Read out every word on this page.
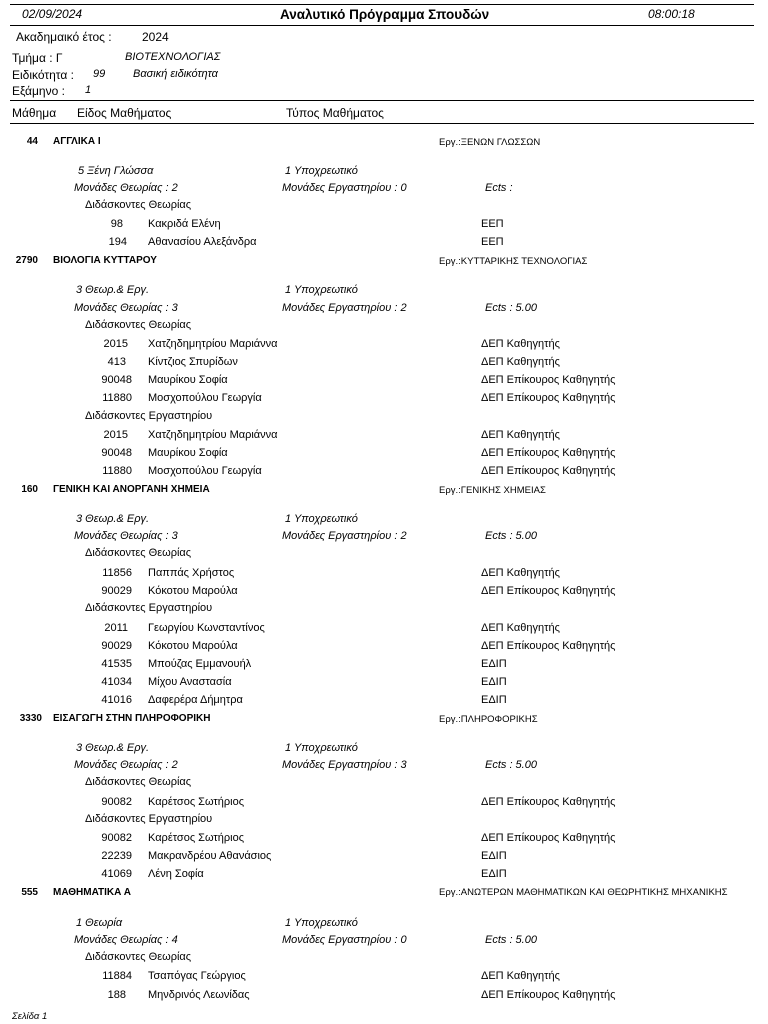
02/09/2024	Αναλυτικό Πρόγραμμα Σπουδών	08:00:18
Ακαδημαικό έτος :	2024
Τμήμα : Γ	ΒΙΟΤΕΧΝΟΛΟΓΙΑΣ
Ειδικότητα : 99	Βασική ειδικότητα
Εξάμηνο : 1
Μάθημα Είδος Μαθήματος	Τύπος Μαθήματος
44 ΑΓΓΛΙΚΑ Ι	Εργ.:ΞΕΝΩΝ ΓΛΩΣΣΩΝ
5 Ξένη Γλώσσα	1 Υποχρεωτικό
Μονάδες Θεωρίας : 2	Μονάδες Εργαστηρίου : 0	Ects :
Διδάσκοντες Θεωρίας
98 Κακριδά Ελένη	ΕΕΠ
194 Αθανασίου Αλεξάνδρα	ΕΕΠ
2790 ΒΙΟΛΟΓΙΑ ΚΥΤΤΑΡΟΥ	Εργ.:ΚΥΤΤΑΡΙΚΗΣ ΤΕΧΝΟΛΟΓΙΑΣ
3 Θεωρ.& Εργ.	1 Υποχρεωτικό
Μονάδες Θεωρίας : 3	Μονάδες Εργαστηρίου : 2	Ects : 5.00
Διδάσκοντες Θεωρίας
2015 Χατζηδημητρίου Μαριάννα	ΔΕΠ Καθηγητής
413 Κίντζιος Σπυρίδων	ΔΕΠ Καθηγητής
90048 Μαυρίκου Σοφία	ΔΕΠ Επίκουρος Καθηγητής
11880 Μοσχοπούλου Γεωργία	ΔΕΠ Επίκουρος Καθηγητής
Διδάσκοντες Εργαστηρίου
2015 Χατζηδημητρίου Μαριάννα	ΔΕΠ Καθηγητής
90048 Μαυρίκου Σοφία	ΔΕΠ Επίκουρος Καθηγητής
11880 Μοσχοπούλου Γεωργία	ΔΕΠ Επίκουρος Καθηγητής
160 ΓΕΝΙΚΗ ΚΑΙ ΑΝΟΡΓΑΝΗ ΧΗΜΕΙΑ	Εργ.:ΓΕΝΙΚΗΣ ΧΗΜΕΙΑΣ
3 Θεωρ.& Εργ.	1 Υποχρεωτικό
Μονάδες Θεωρίας : 3	Μονάδες Εργαστηρίου : 2	Ects : 5.00
Διδάσκοντες Θεωρίας
11856 Παππάς Χρήστος	ΔΕΠ Καθηγητής
90029 Κόκοτου Μαρούλα	ΔΕΠ Επίκουρος Καθηγητής
Διδάσκοντες Εργαστηρίου
2011 Γεωργίου Κωνσταντίνος	ΔΕΠ Καθηγητής
90029 Κόκοτου Μαρούλα	ΔΕΠ Επίκουρος Καθηγητής
41535 Μπούζας Εμμανουήλ	ΕΔΙΠ
41034 Μίχου Αναστασία	ΕΔΙΠ
41016 Δαφερέρα Δήμητρα	ΕΔΙΠ
3330 ΕΙΣΑΓΩΓΗ ΣΤΗΝ ΠΛΗΡΟΦΟΡΙΚΗ	Εργ.:ΠΛΗΡΟΦΟΡΙΚΗΣ
3 Θεωρ.& Εργ.	1 Υποχρεωτικό
Μονάδες Θεωρίας : 2	Μονάδες Εργαστηρίου : 3	Ects : 5.00
Διδάσκοντες Θεωρίας
90082 Καρέτσος Σωτήριος	ΔΕΠ Επίκουρος Καθηγητής
Διδάσκοντες Εργαστηρίου
90082 Καρέτσος Σωτήριος	ΔΕΠ Επίκουρος Καθηγητής
22239 Μακρανδρέου Αθανάσιος	ΕΔΙΠ
41069 Λένη Σοφία	ΕΔΙΠ
555 ΜΑΘΗΜΑΤΙΚΑ Α	Εργ.:ΑΝΩΤΕΡΩΝ ΜΑΘΗΜΑΤΙΚΩΝ ΚΑΙ ΘΕΩΡΗΤΙΚΗΣ ΜΗΧΑΝΙΚΗΣ
1 Θεωρία	1 Υποχρεωτικό
Μονάδες Θεωρίας : 4	Μονάδες Εργαστηρίου : 0	Ects : 5.00
Διδάσκοντες Θεωρίας
11884 Τσαπόγας Γεώργιος	ΔΕΠ Καθηγητής
188 Μηνδρινός Λεωνίδας	ΔΕΠ Επίκουρος Καθηγητής
Σελίδα 1
